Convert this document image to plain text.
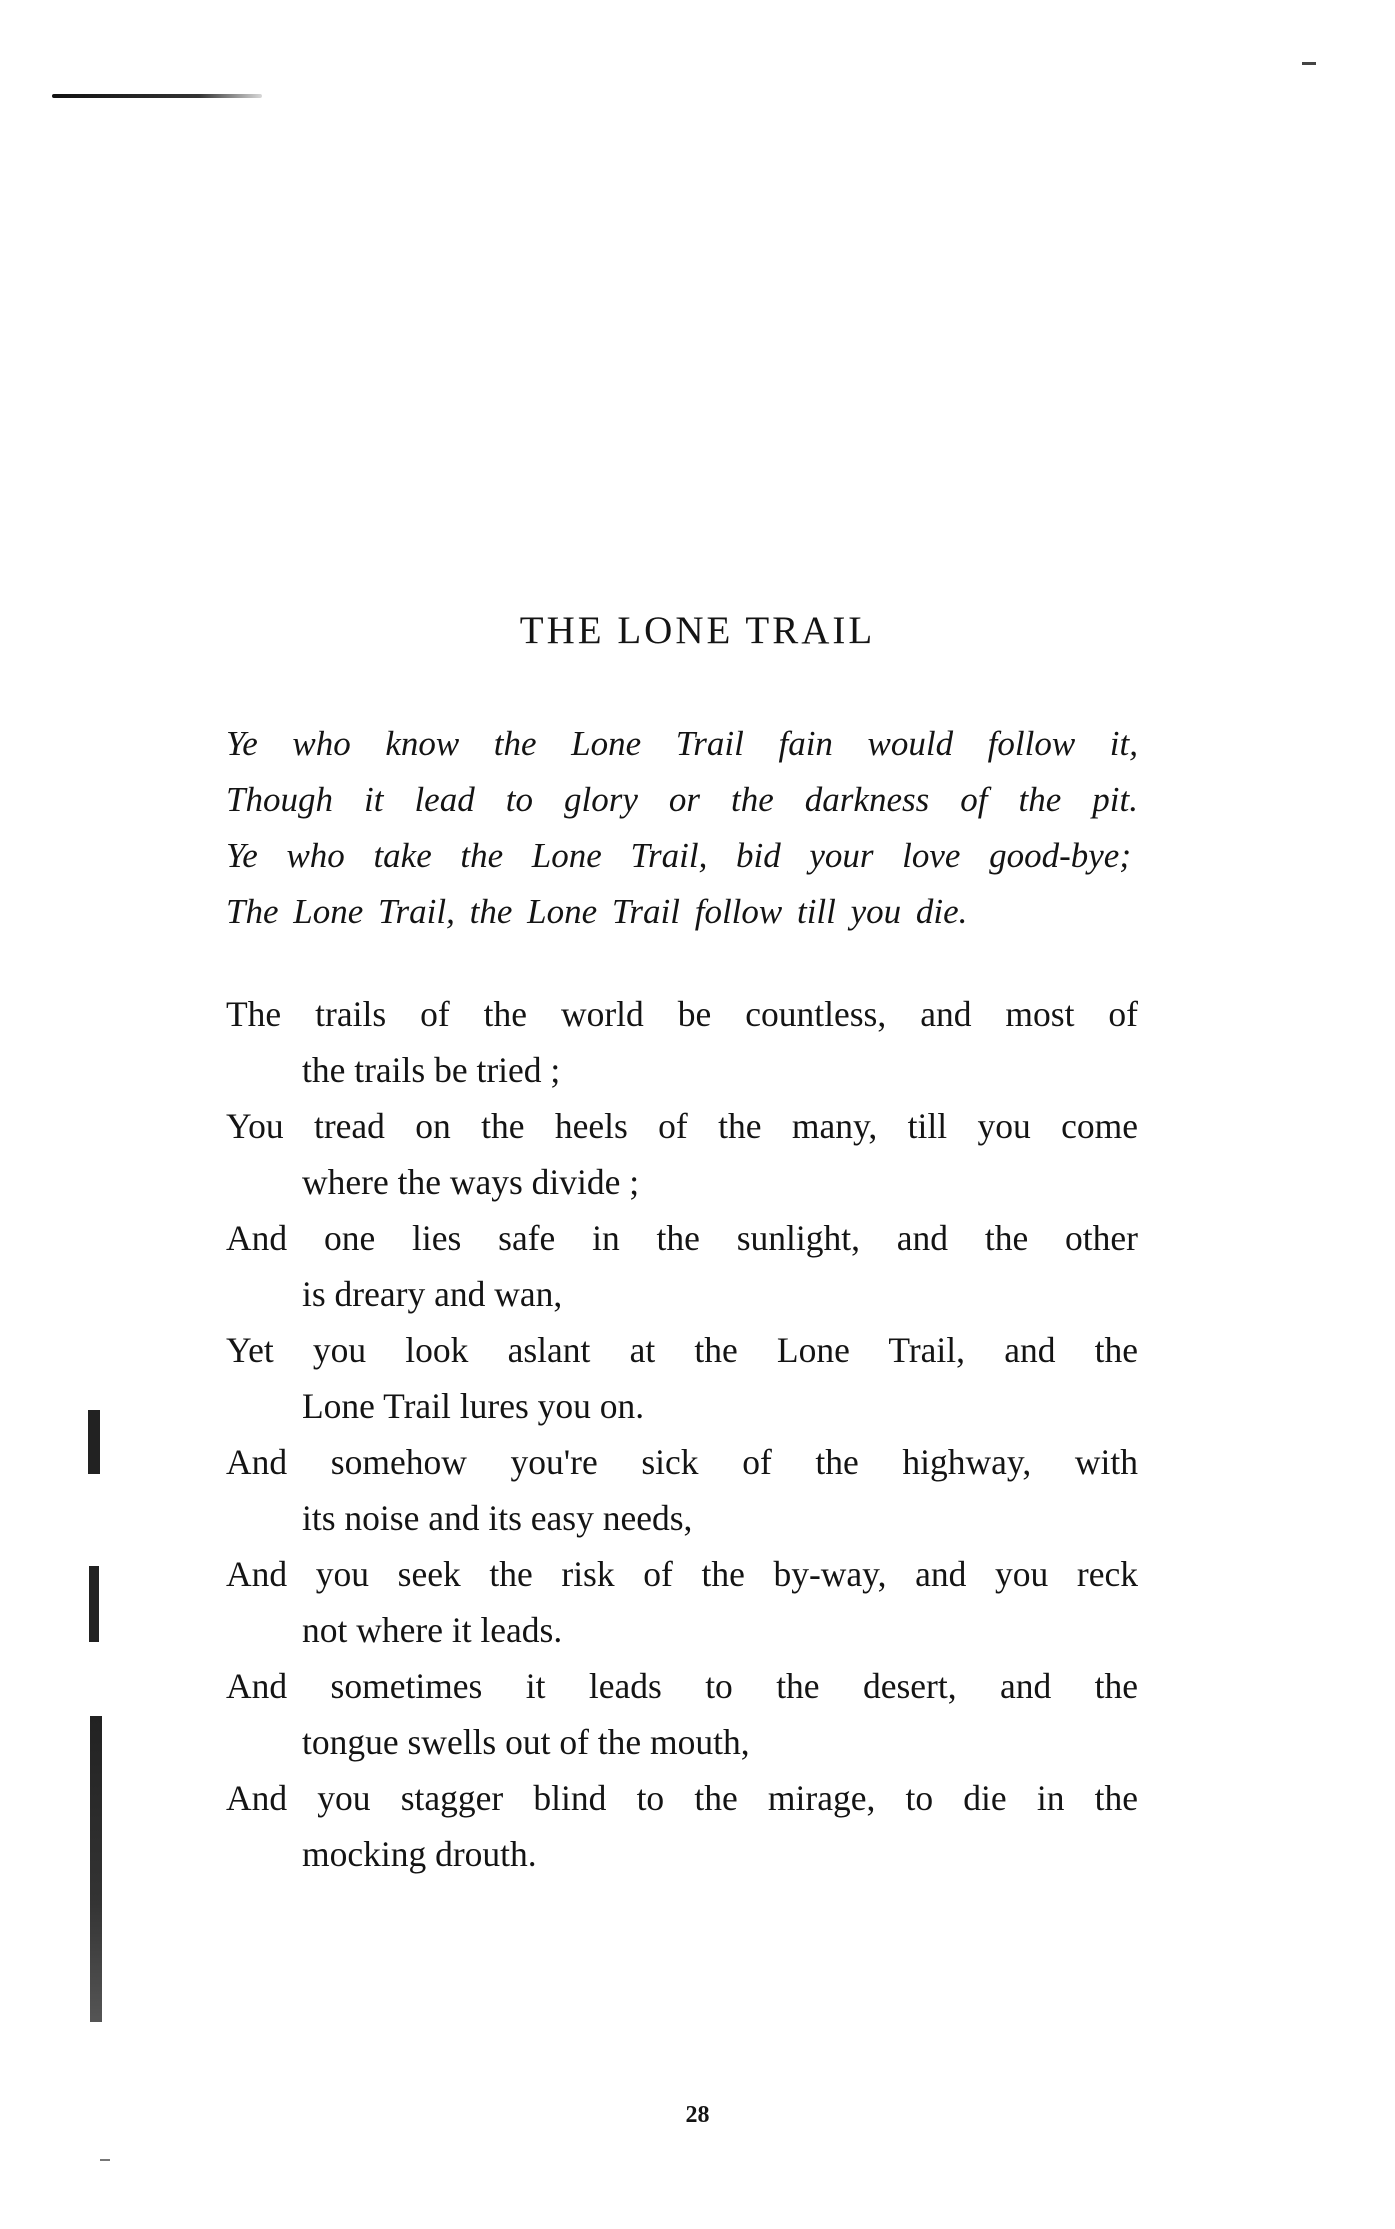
THE LONE TRAIL
Ye who know the Lone Trail fain would follow it,
Though it lead to glory or the darkness of the pit.
Ye who take the Lone Trail, bid your love good-bye;
The Lone Trail, the Lone Trail follow till you die.
The trails of the world be countless, and most of
the trails be tried ;
You tread on the heels of the many, till you come
where the ways divide ;
And one lies safe in the sunlight, and the other
is dreary and wan,
Yet you look aslant at the Lone Trail, and the
Lone Trail lures you on.
And somehow you're sick of the highway, with
its noise and its easy needs,
And you seek the risk of the by-way, and you reck
not where it leads.
And sometimes it leads to the desert, and the
tongue swells out of the mouth,
And you stagger blind to the mirage, to die in the
mocking drouth.
28
